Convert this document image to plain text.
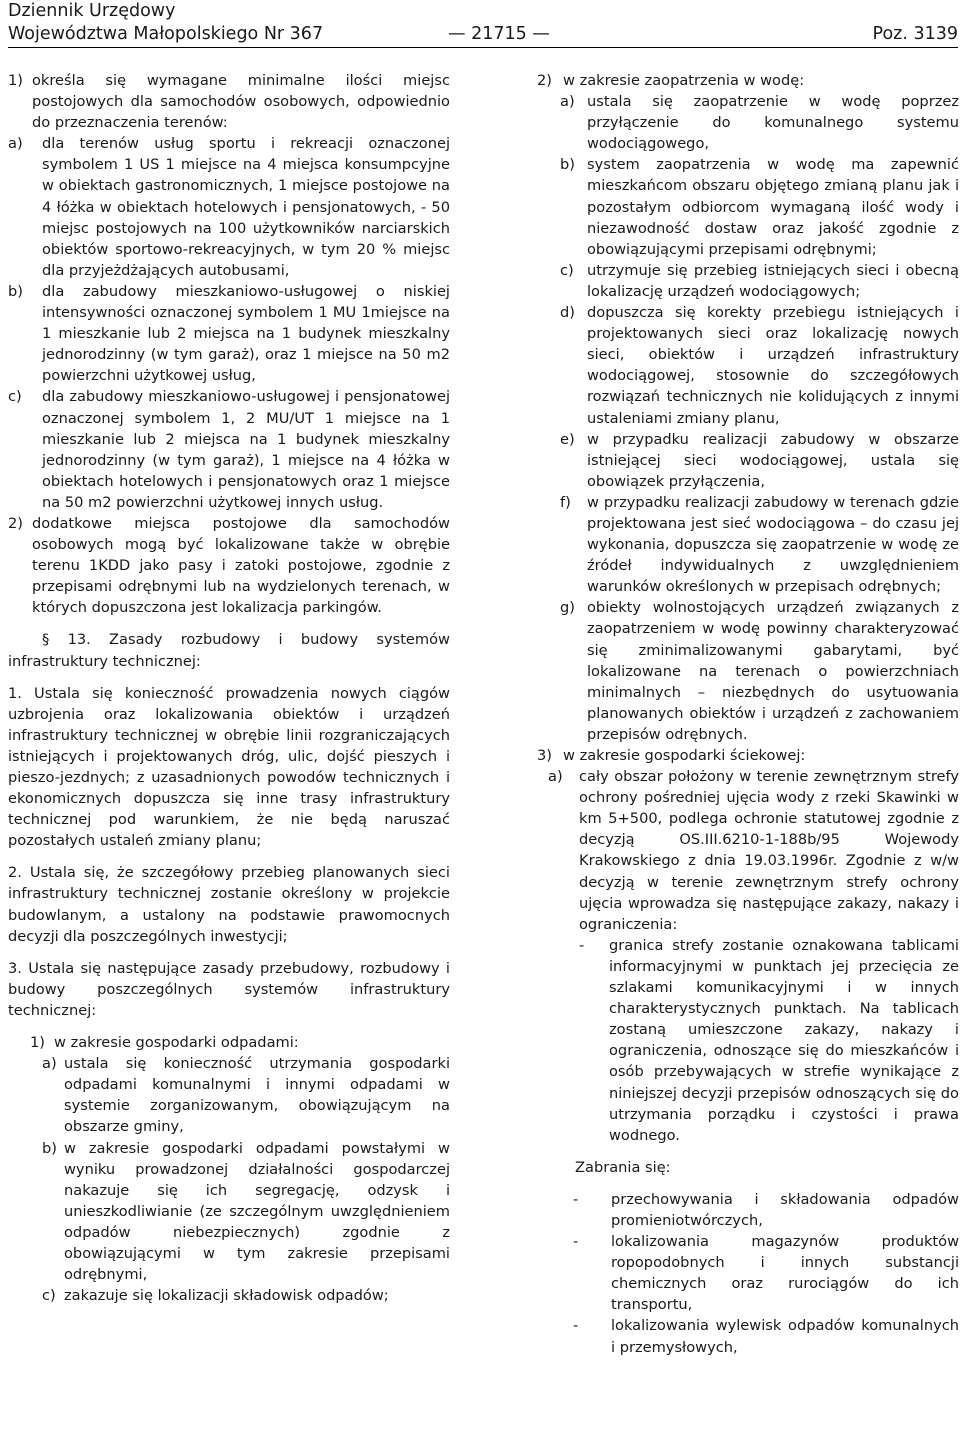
Dziennik Urzędowy
Województwa Małopolskiego Nr 367	— 21715 —	Poz. 3139
1) określa się wymagane minimalne ilości miejsc postojowych dla samochodów osobowych, odpowiednio do przeznaczenia terenów:

a) dla terenów usług sportu i rekreacji oznaczonej symbolem 1 US 1 miejsce na 4 miejsca konsumpcyjne w obiektach gastronomicznych, 1 miejsce postojowe na 4 łóżka w obiektach hotelowych i pensjonatowych, - 50 miejsc postojowych na 100 użytkowników narciarskich obiektów sportowo-rekreacyjnych, w tym 20 % miejsc dla przyjeżdżających autobusami,

b) dla zabudowy mieszkaniowo-usługowej o niskiej intensywności oznaczonej symbolem 1 MU 1miejsce na 1 mieszkanie lub 2 miejsca na 1 budynek mieszkalny jednorodzinny (w tym garaż), oraz 1 miejsce na 50 m2 powierzchni użytkowej usług,

c) dla zabudowy mieszkaniowo-usługowej i pensjonatowej oznaczonej symbolem 1, 2 MU/UT 1 miejsce na 1 mieszkanie lub 2 miejsca na 1 budynek mieszkalny jednorodzinny (w tym garaż), 1 miejsce na 4 łóżka w obiektach hotelowych i pensjonatowych oraz 1 miejsce na 50 m2 powierzchni użytkowej innych usług.

2) dodatkowe miejsca postojowe dla samochodów osobowych mogą być lokalizowane także w obrębie terenu 1KDD jako pasy i zatoki postojowe, zgodnie z przepisami odrębnymi lub na wydzielonych terenach, w których dopuszczona jest lokalizacja parkingów.

§ 13. Zasady rozbudowy i budowy systemów infrastruktury technicznej:

1. Ustala się konieczność prowadzenia nowych ciągów uzbrojenia oraz lokalizowania obiektów i urządzeń infrastruktury technicznej w obrębie linii rozgraniczających istniejących i projektowanych dróg, ulic, dojść pieszych i pieszo-jezdnych; z uzasadnionych powodów technicznych i ekonomicznych dopuszcza się inne trasy infrastruktury technicznej pod warunkiem, że nie będą naruszać pozostałych ustaleń zmiany planu;

2. Ustala się, że szczegółowy przebieg planowanych sieci infrastruktury technicznej zostanie określony w projekcie budowlanym, a ustalony na podstawie prawomocnych decyzji dla poszczególnych inwestycji;

3. Ustala się następujące zasady przebudowy, rozbudowy i budowy poszczególnych systemów infrastruktury technicznej:

1) w zakresie gospodarki odpadami:

a) ustala się konieczność utrzymania gospodarki odpadami komunalnymi i innymi odpadami w systemie zorganizowanym, obowiązującym na obszarze gminy,

b) w zakresie gospodarki odpadami powstałymi w wyniku prowadzonej działalności gospodarczej nakazuje się ich segregację, odzysk i unieszkodliwianie (ze szczególnym uwzględnieniem odpadów niebezpiecznych) zgodnie z obowiązującymi w tym zakresie przepisami odrębnymi,

c) zakazuje się lokalizacji składowisk odpadów;

2) w zakresie zaopatrzenia w wodę:

a) ustala się zaopatrzenie w wodę poprzez przyłączenie do komunalnego systemu wodociągowego,

b) system zaopatrzenia w wodę ma zapewnić mieszkańcom obszaru objętego zmianą planu jak i pozostałym odbiorcom wymaganą ilość wody i niezawodność dostaw oraz jakość zgodnie z obowiązującymi przepisami odrębnymi;

c) utrzymuje się przebieg istniejących sieci i obecną lokalizację urządzeń wodociągowych;

d) dopuszcza się korekty przebiegu istniejących i projektowanych sieci oraz lokalizację nowych sieci, obiektów i urządzeń infrastruktury wodociągowej, stosownie do szczegółowych rozwiązań technicznych nie kolidujących z innymi ustaleniami zmiany planu,

e) w przypadku realizacji zabudowy w obszarze istniejącej sieci wodociągowej, ustala się obowiązek przyłączenia,

f) w przypadku realizacji zabudowy w terenach gdzie projektowana jest sieć wodociągowa – do czasu jej wykonania, dopuszcza się zaopatrzenie w wodę ze źródeł indywidualnych z uwzględnieniem warunków określonych w przepisach odrębnych;

g) obiekty wolnostojących urządzeń związanych z zaopatrzeniem w wodę powinny charakteryzować się zminimalizowanymi gabarytami, być lokalizowane na terenach o powierzchniach minimalnych – niezbędnych do usytuowania planowanych obiektów i urządzeń z zachowaniem przepisów odrębnych.

3) w zakresie gospodarki ściekowej:

a) cały obszar położony w terenie zewnętrznym strefy ochrony pośredniej ujęcia wody z rzeki Skawinki w km 5+500, podlega ochronie statutowej zgodnie z decyzją OS.III.6210-1-188b/95 Wojewody Krakowskiego z dnia 19.03.1996r. Zgodnie z w/w decyzją w terenie zewnętrznym strefy ochrony ujęcia wprowadza się następujące zakazy, nakazy i ograniczenia:

- granica strefy zostanie oznakowana tablicami informacyjnymi w punktach jej przecięcia ze szlakami komunikacyjnymi i w innych charakterystycznych punktach. Na tablicach zostaną umieszczone zakazy, nakazy i ograniczenia, odnoszące się do mieszkańców i osób przebywających w strefie wynikające z niniejszej decyzji przepisów odnoszących się do utrzymania porządku i czystości i prawa wodnego.

Zabrania się:

- przechowywania i składowania odpadów promieniotwórczych,

- lokalizowania magazynów produktów ropopodobnych i innych substancji chemicznych oraz rurociągów do ich transportu,

- lokalizowania wylewisk odpadów komunalnych i przemysłowych,
